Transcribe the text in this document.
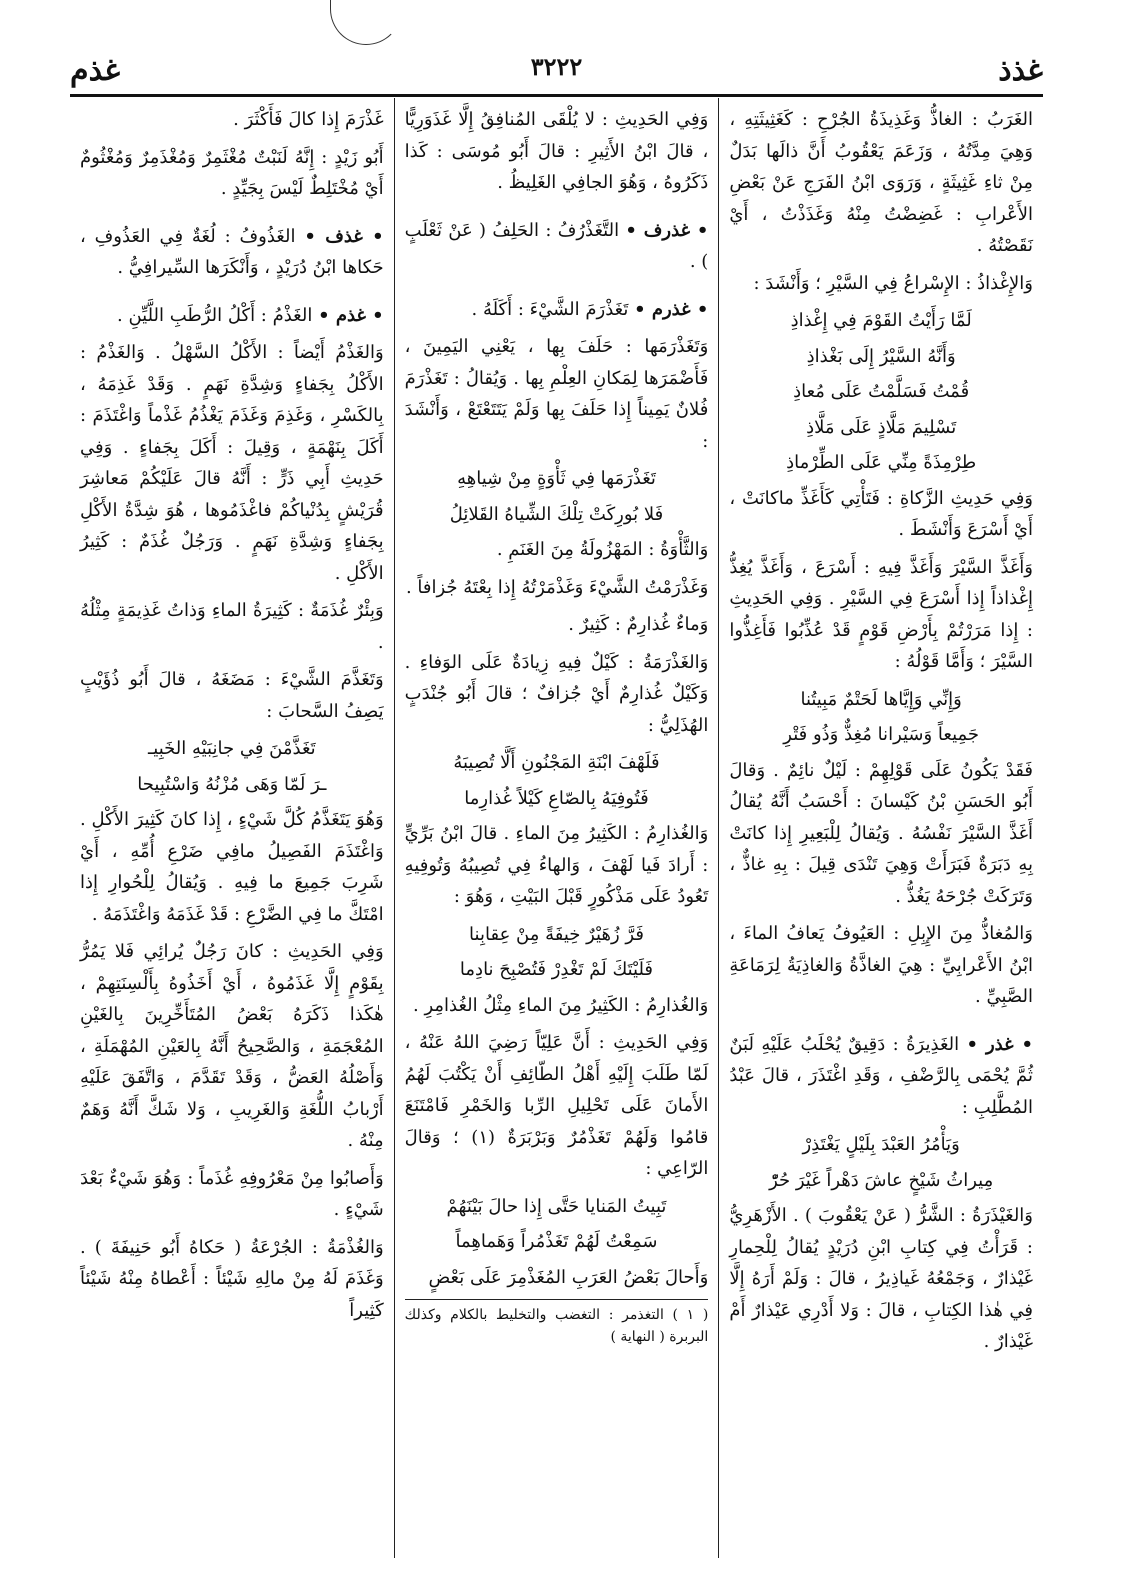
غذذ
٣٢٢٢
غذم

الغَرَبُ : الغاذُّ وَغَذِيذَةُ الجُرْحِ : كَغَثِيثَتِهِ ، وَهِيَ مِدَّتُهُ ، وَزَعَمَ يَعْقُوبُ أَنَّ ذالَها بَدَلٌ مِنْ ثاءِ غَثِيثَةٍ ، وَرَوَى ابْنُ الفَرَجِ عَنْ بَعْضِ الأَعْرابِ : غَضِضْتُ مِنْهُ وَغَذَذْتُ ، أَيْ نَقَصْتُهُ .

وَالإِغْذاذُ : الإِسْراعُ فِي السَّيْرِ ؛ وَأَنْشَدَ :

لَمَّا رَأَيْتُ القَوْمَ فِي إِغْذاذِ

وَأَنَّهُ السَّيْرُ إِلَى بَغْذاذِ

قُمْتُ فَسَلَّمْتُ عَلَى مُعاذِ

تَسْلِيمَ مَلَّاذٍ عَلَى مَلَّاذِ

طِرْمِذَةً مِنِّي عَلَى الطِّرْماذِ

وَفِي حَدِيثِ الزَّكاةِ : فَتَأْتِي كَأَغَذِّ ماكانَتْ ، أَيْ أَسْرَعَ وَأَنْشَطَ .

وَأَغَذَّ السَّيْرَ وَأَغَذَّ فِيهِ : أَسْرَعَ ، وَأَغَذَّ يُغِذُّ إِغْذاذاً إِذا أَسْرَعَ فِي السَّيْرِ . وَفِي الحَدِيثِ : إِذا مَرَرْتُمْ بِأَرْضِ قَوْمٍ قَدْ عُذِّبُوا فَأَغِذُّوا السَّيْرَ ؛ وَأَمَّا قَوْلُهُ :

وَإِنِّي وَإِيَّاها لَحَتْمٌ مَبِيتُنا

جَمِيعاً وَسَيْرانا مُغِذٌّ وَذُو فَتْرِ

فَقَدْ يَكُونُ عَلَى قَوْلِهِمْ : لَيْلٌ نائِمٌ . وَقالَ أَبُو الحَسَنِ بْنُ كَيْسانَ : أَحْسَبُ أَنَّهُ يُقالُ أَغَذَّ السَّيْرَ نَفْسُهُ . وَيُقالُ لِلْبَعِيرِ إِذا كانَتْ بِهِ دَبَرَةٌ فَبَرَأَتْ وَهِيَ تَنْدَى قِيلَ : بِهِ غاذٌّ ، وَتَرَكَتْ جُرْحَهُ يَغُذُّ .

وَالمُغاذُّ مِنَ الإِبِلِ : العَيُوفُ يَعافُ الماءَ ، ابْنُ الأَعْرابِيِّ : هِيَ الغاذَّةُ وَالغاذِيَةُ لِرَمَاعَةِ الصَّبِيِّ .

• غذر • الغَذِيرَةُ : دَقِيقٌ يُحْلَبُ عَلَيْهِ لَبَنٌ ثُمَّ يُحْمَى بِالرَّضْفِ ، وَقَدِ اغْتَذَرَ ، قالَ عَبْدُ المُطَّلِبِ :

وَيَأْمُرُ العَبْدَ بِلَيْلٍ يَغْتَذِرْ

مِيراثُ شَيْخٍ عاشَ دَهْراً غَيْرَ حُرّْ

وَالغَيْذَرَةُ : الشَّرُّ ( عَنْ يَعْقُوبَ ) . الأَزْهَرِيُّ : قَرَأْتُ فِي كِتابِ ابْنِ دُرَيْدٍ يُقالُ لِلْحِمارِ غَيْذارٌ ، وَجَمْعُهُ غَياذِيرُ ، قالَ : وَلَمْ أَرَهُ إِلَّا فِي هٰذا الكِتابِ ، قالَ : وَلا أَدْرِي عَيْذارٌ أَمْ غَيْذارٌ .

وَفِي الحَدِيثِ : لا يُلْقَى المُنافِقُ إِلَّا غَذَوَرِيًّا ، قالَ ابْنُ الأَثِيرِ : قالَ أَبُو مُوسَى : كَذا ذَكَرُوهُ ، وَهُوَ الجافِي الغَلِيظُ .

• غذرف • التَّغَذْرُفُ : الحَلِفُ ( عَنْ ثَعْلَبٍ ) .

• غذرم • تَغَذْرَمَ الشَّيْءَ : أَكَلَهُ .

وَتَغَذْرَمَها : حَلَفَ بِها ، يَعْنِي اليَمِينَ ، فَأَضْمَرَها لِمَكانِ العِلْمِ بِها . وَيُقالُ : تَغَذْرَمَ فُلانٌ يَمِيناً إِذا حَلَفَ بِها وَلَمْ يَتَتَعْتَعْ ، وَأَنْشَدَ :

تَغَذْرَمَها فِي ثَأْوَةٍ مِنْ شِياهِهِ

فَلا بُورِكَتْ تِلْكَ الشِّياهُ القَلائِلُ

وَالثَّأْوَةُ : المَهْزُولَةُ مِنَ الغَنَمِ .

وَغَذْرَمْتُ الشَّيْءَ وَغَذْمَرْتُهُ إِذا بِعْتَهُ جُزافاً .

وَماءٌ غُذارِمٌ : كَثِيرٌ .

وَالغَذْرَمَةُ : كَيْلٌ فِيهِ زِيادَةٌ عَلَى الوَفاءِ . وَكَيْلٌ غُذارِمٌ أَيْ جُزافٌ ؛ قالَ أَبُو جُنْدَبٍ الهُذَلِيُّ :

فَلَهْفَ ابْنَةِ المَجْنُونِ أَلَّا تُصِيبَهُ

فَتُوفِيَهُ بِالصّاعِ كَيْلاً غُذارِما

وَالغُذارِمُ : الكَثِيرُ مِنَ الماءِ . قالَ ابْنُ بَرِّيٍّ : أَرادَ فَيا لَهْفَ ، وَالهاءُ فِي تُصِيبُهُ وَتُوفِيهِ تَعُودُ عَلَى مَذْكُورٍ قَبْلَ البَيْتِ ، وَهُوَ :

فَرَّ زُهَيْرٌ خِيفَةً مِنْ عِقابِنا

فَلَيْتَكَ لَمْ تَغْدِرْ فَتُصْبِحَ نادِما

وَالغُذارِمُ : الكَثِيرُ مِنَ الماءِ مِثْلُ الغُذامِرِ .

وَفِي الحَدِيثِ : أَنَّ عَلِيّاً رَضِيَ اللهُ عَنْهُ ، لَمّا طَلَبَ إِلَيْهِ أَهْلُ الطّائِفِ أَنْ يَكْتُبَ لَهُمُ الأَمانَ عَلَى تَحْلِيلِ الرِّبا وَالخَمْرِ فَامْتَنَعَ قامُوا وَلَهُمْ تَغَذْمُرٌ وَبَرْبَرَةٌ (١) ؛ وَقالَ الرّاعِي :

تَبِيتُ المَنايا حَتَّى إِذا حالَ بَيْنَهُمْ

سَمِعْتُ لَهُمْ تَغَذْمُراً وَهَماهِماً

وَأَحالَ بَعْضُ العَرَبِ المُغَذْمِرَ عَلَى بَعْضٍ

( ١ ) التغذمر : التغضب والتخليط بالكلام وكذلك البربرة ( النهاية )

غَذْرَمَ إِذا كالَ فَأَكْثَرَ .

أَبُو زَيْدٍ : إِنَّهُ لَنَبْتٌ مُغْثَمِرٌ وَمُغْذَمِرٌ وَمُغْثُومٌ أَيْ مُخْتَلِطٌ لَيْسَ بِجَيِّدٍ .

• غذف • الغَذُوفُ : لُغَةٌ فِي العَذُوفِ ، حَكاها ابْنُ دُرَيْدٍ ، وَأَنْكَرَها السِّيرافِيُّ .

• غذم • الغَذْمُ : أَكْلُ الرُّطَبِ اللَّيِّنِ .

وَالغَذْمُ أَيْضاً : الأَكْلُ السَّهْلُ . وَالغَذْمُ : الأَكْلُ بِجَفاءٍ وَشِدَّةِ نَهَمٍ . وَقَدْ غَذِمَهُ ، بِالكَسْرِ ، وَغَذِمَ وَغَذَمَ يَغْذُمُ غَذْماً وَاغْتَذَمَ : أَكَلَ بِنَهْمَةٍ ، وَقِيلَ : أَكَلَ بِجَفاءٍ . وَفِي حَدِيثِ أَبِي ذَرٍّ : أَنَّهُ قالَ عَلَيْكُمْ مَعاشِرَ قُرَيْشٍ بِدُنْياكُمْ فاغْذَمُوها ، هُوَ شِدَّةُ الأَكْلِ بِجَفاءٍ وَشِدَّةِ نَهَمٍ . وَرَجُلٌ غُذَمٌ : كَثِيرُ الأَكْلِ .

وَبِئْرٌ غُذَمَةٌ : كَثِيرَةُ الماءِ وَذاتُ غَذِيمَةٍ مِثْلُهُ .

وَتَغَذَّمَ الشَّيْءَ : مَضَغَهُ ، قالَ أَبُو ذُؤَيْبٍ يَصِفُ السَّحابَ :

تَغَذَّمْنَ فِي جانِبَيْهِ الخَبِيـ

ـرَ لَمّا وَهَى مُزْنُهُ وَاسْتُبِيحا

وَهُوَ يَتَغَذَّمُ كُلَّ شَيْءٍ ، إِذا كانَ كَثِيرَ الأَكْلِ . وَاغْتَذَمَ الفَصِيلُ مافِي ضَرْعِ أُمِّهِ ، أَيْ شَرِبَ جَمِيعَ ما فِيهِ . وَيُقالُ لِلْحُوارِ إِذا امْتَكَّ ما فِي الضَّرْعِ : قَدْ غَذَمَهُ وَاغْتَذَمَهُ .

وَفِي الحَدِيثِ : كانَ رَجُلٌ يُرائِي فَلا يَمُرُّ بِقَوْمٍ إِلَّا غَذَمُوهُ ، أَيْ أَخَذُوهُ بِأَلْسِنَتِهِمْ ، هٰكَذا ذَكَرَهُ بَعْضُ المُتَأَخِّرِينَ بِالغَيْنِ المُعْجَمَةِ ، وَالصَّحِيحُ أَنَّهُ بِالعَيْنِ المُهْمَلَةِ ، وَأَصْلُهُ العَضُّ ، وَقَدْ تَقَدَّمَ ، وَاتَّفَقَ عَلَيْهِ أَرْبابُ اللُّغَةِ وَالغَرِيبِ ، وَلا شَكَّ أَنَّهُ وَهَمٌ مِنْهُ .

وَأَصابُوا مِنْ مَعْرُوفِهِ غُذَماً : وَهُوَ شَيْءٌ بَعْدَ شَيْءٍ .

وَالغُذْمَةُ : الجُرْعَةُ ( حَكاهُ أَبُو حَنِيفَةَ ) . وَغَذَمَ لَهُ مِنْ مالِهِ شَيْئاً : أَعْطاهُ مِنْهُ شَيْئاً كَثِيراً
